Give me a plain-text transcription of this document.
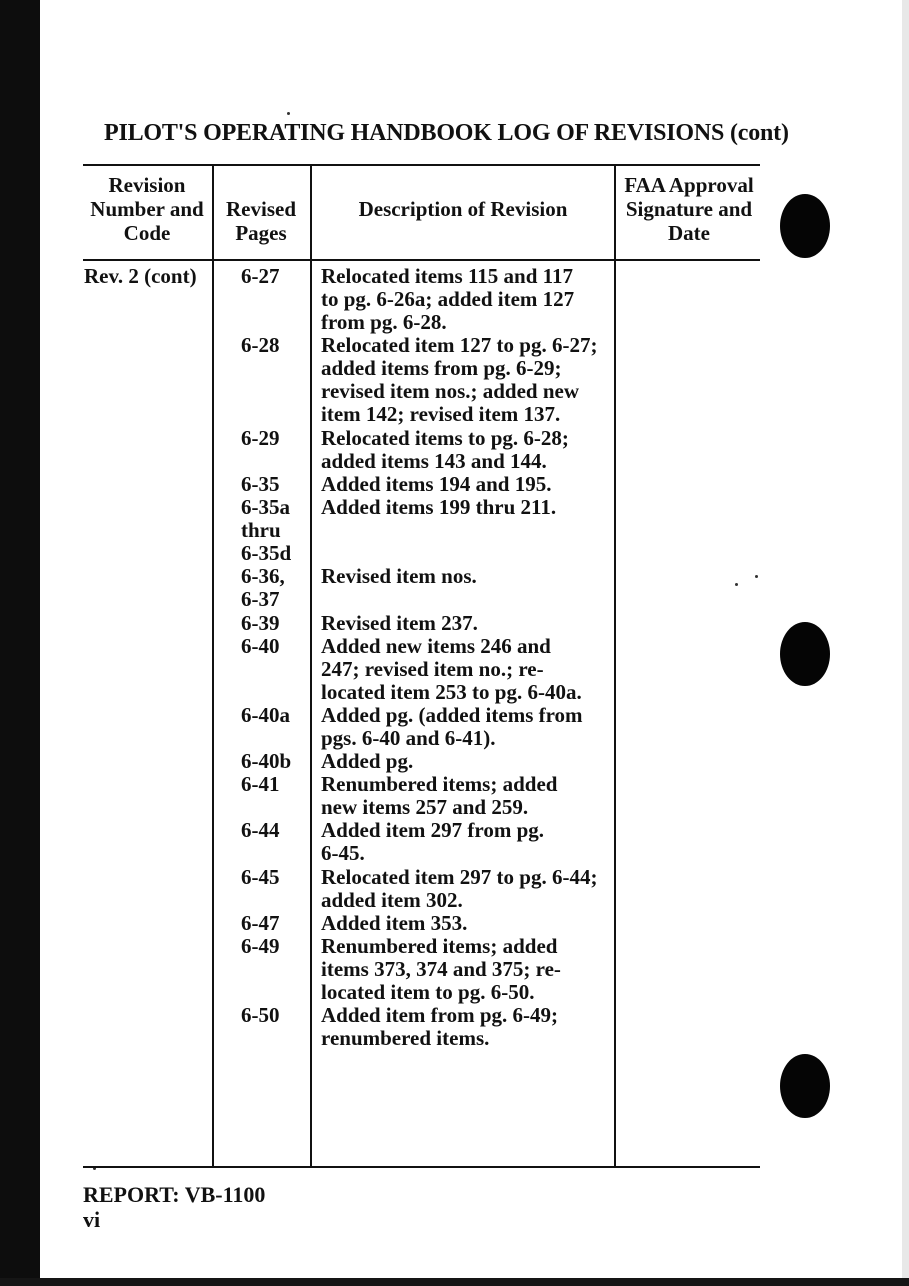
PILOT'S OPERATING HANDBOOK LOG OF REVISIONS (cont)
Revision
Number and
Code
Revised
Pages
Description of Revision
FAA Approval
Signature and
Date
Rev. 2 (cont) 6-27 Relocated items 115 and 117
to pg. 6-26a; added item 127
from pg. 6-28.
6-28 Relocated item 127 to pg. 6-27;
added items from pg. 6-29;
revised item nos.; added new
item 142; revised item 137.
6-29 Relocated items to pg. 6-28;
added items 143 and 144.
6-35 Added items 194 and 195.
6-35a
thru
6-35d
Added items 199 thru 211.
6-36,
6-37
Revised item nos.
6-39 Revised item 237.
6-40 Added new items 246 and
247; revised item no.; re-
located item 253 to pg. 6-40a.
6-40a Added pg. (added items from
pgs. 6-40 and 6-41).
6-40b Added pg.
6-41 Renumbered items; added
new items 257 and 259.
6-44 Added item 297 from pg.
6-45.
6-45 Relocated item 297 to pg. 6-44;
added item 302.
6-47 Added item 353.
6-49 Renumbered items; added
items 373, 374 and 375; re-
located item to pg. 6-50.
6-50 Added item from pg. 6-49;
renumbered items.
REPORT: VB-1100
vi
